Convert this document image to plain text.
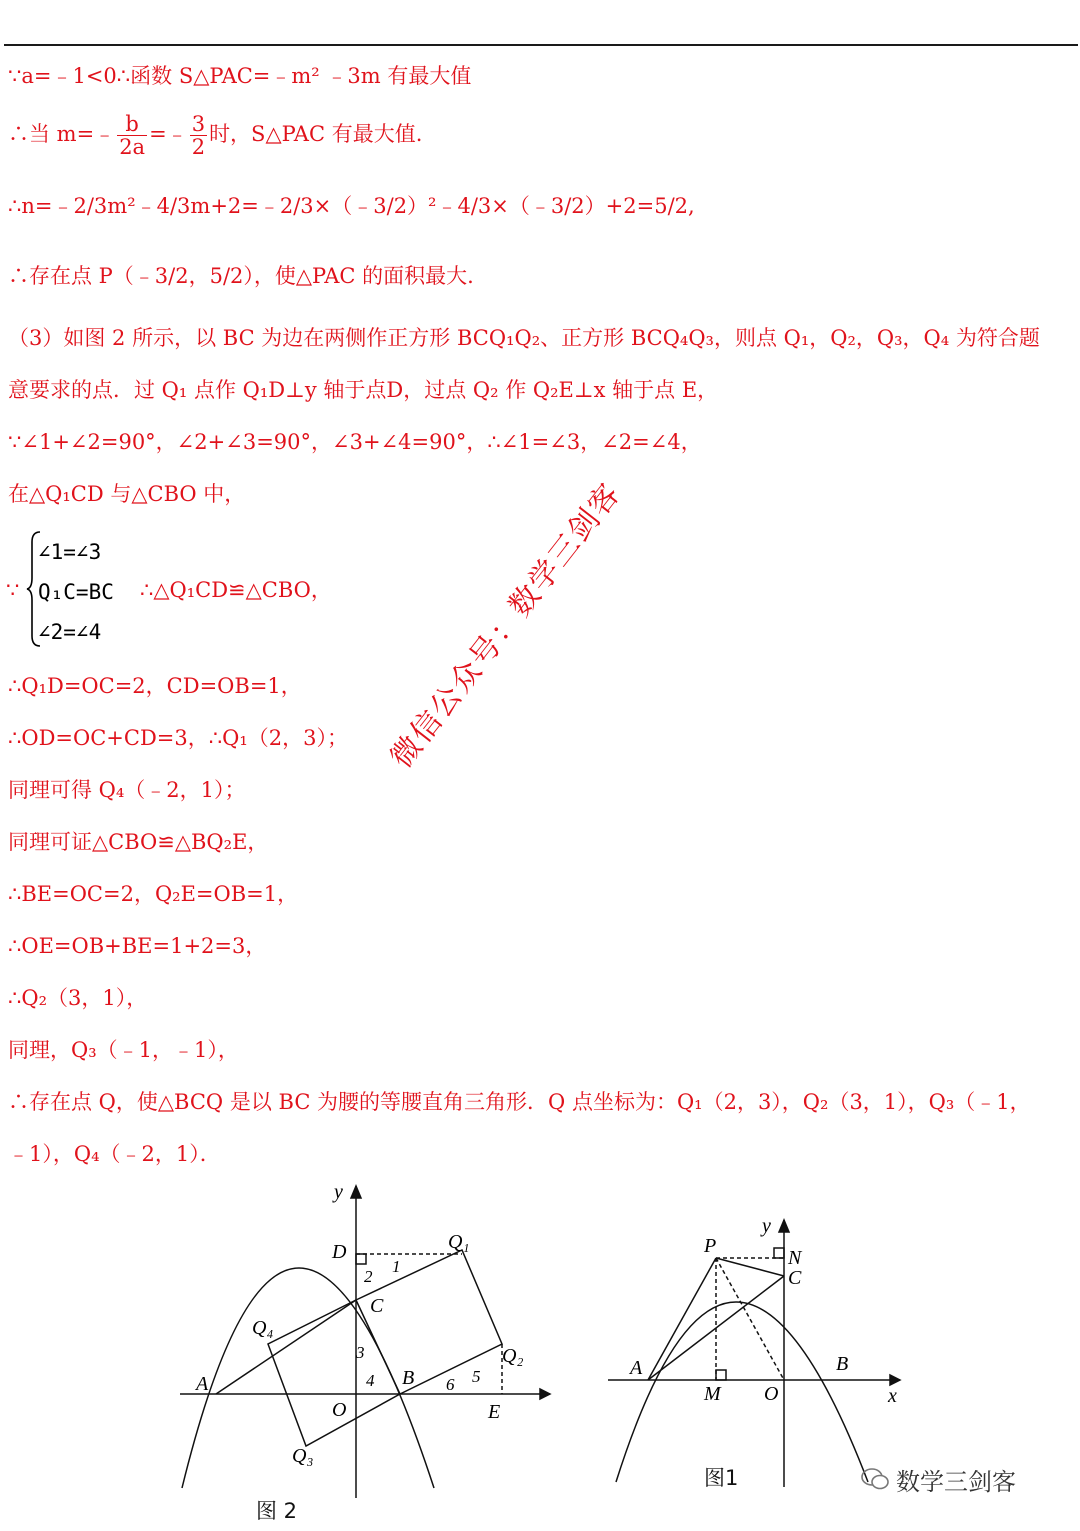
∵a=﹣1<0∴函数 S△PAC=﹣m² ﹣3m 有最大值
∴当 m=﹣ $\frac{b}{2a}$ =﹣ $\frac{3}{2}$ 时，S△PAC 有最大值.
∴n=﹣2/3m²﹣4/3m+2=﹣2/3×（﹣3/2）²﹣4/3×（﹣3/2）+2=5/2,
∴存在点 P（﹣3/2，5/2），使△PAC 的面积最大.
（3）如图 2 所示，以 BC 为边在两侧作正方形 BCQ₁Q₂、正方形 BCQ₄Q₃，则点 Q₁，Q₂，Q₃，Q₄ 为符合题
意要求的点．过 Q₁ 点作 Q₁D⊥y 轴于点D，过点 Q₂ 作 Q₂E⊥x 轴于点 E，
∵∠1+∠2=90°，∠2+∠3=90°，∠3+∠4=90°，∴∠1=∠3，∠2=∠4，
在△Q₁CD 与△CBO 中，
∵
∠1=∠3
Q₁C=BC
∠2=∠4
∴△Q₁CD≌△CBO，
∴Q₁D=OC=2，CD=OB=1，
∴OD=OC+CD=3，∴Q₁（2，3）；
同理可得 Q₄（﹣2，1）；
同理可证△CBO≌△BQ₂E，
∴BE=OC=2，Q₂E=OB=1，
∴OE=OB+BE=1+2=3，
∴Q₂（3，1），
同理，Q₃（﹣1，﹣1），
∴存在点 Q，使△BCQ 是以 BC 为腰的等腰直角三角形．Q 点坐标为：Q₁（2，3），Q₂（3，1），Q₃（﹣1，
﹣1），Q₄（﹣2，1）．
微信公众号：数学三剑客
y
D	Q₁
1
2
C
Q₄
3
A	4 B 6 5
Q₂
O	E
Q₃
图 2
y
P
N
C
A	B
M O	x
图1	数学三剑客
